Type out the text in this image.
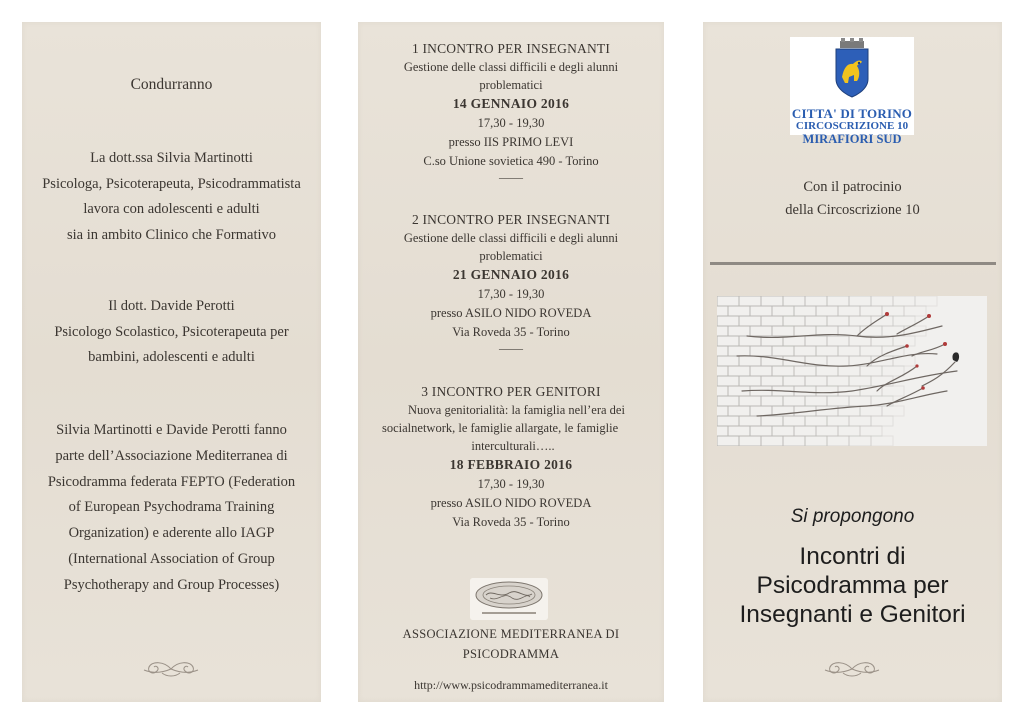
Condurranno
La dott.ssa Silvia Martinotti
Psicologa, Psicoterapeuta, Psicodrammatista
lavora con adolescenti e adulti
sia in ambito Clinico che Formativo
Il dott. Davide Perotti
Psicologo Scolastico, Psicoterapeuta per
bambini, adolescenti e adulti
Silvia Martinotti e Davide Perotti fanno
parte dell’Associazione Mediterranea di
Psicodramma federata FEPTO (Federation
of European Psychodrama Training
Organization) e aderente allo IAGP
(International Association of Group
Psychotherapy and Group Processes)
1 INCONTRO PER INSEGNANTI
Gestione delle classi difficili e degli alunni
problematici
14 GENNAIO 2016
17,30 - 19,30
presso IIS PRIMO LEVI
C.so Unione sovietica 490 - Torino
——
2 INCONTRO PER INSEGNANTI
Gestione delle classi difficili e degli alunni
problematici
21 GENNAIO 2016
17,30 - 19,30
presso ASILO NIDO ROVEDA
Via Roveda 35 - Torino
——
3 INCONTRO PER GENITORI
Nuova genitorialità: la famiglia nell’era dei
socialnetwork, le famiglie allargate, le famiglie
interculturali…..
18 FEBBRAIO 2016
17,30 - 19,30
presso ASILO NIDO ROVEDA
Via Roveda 35 - Torino
ASSOCIAZIONE MEDITERRANEA DI
PSICODRAMMA
http://www.psicodrammamediterranea.it
CITTA' DI TORINO
CIRCOSCRIZIONE 10
MIRAFIORI SUD
Con il patrocinio
della Circoscrizione 10
Si propongono
Incontri di
Psicodramma per
Insegnanti e Genitori
